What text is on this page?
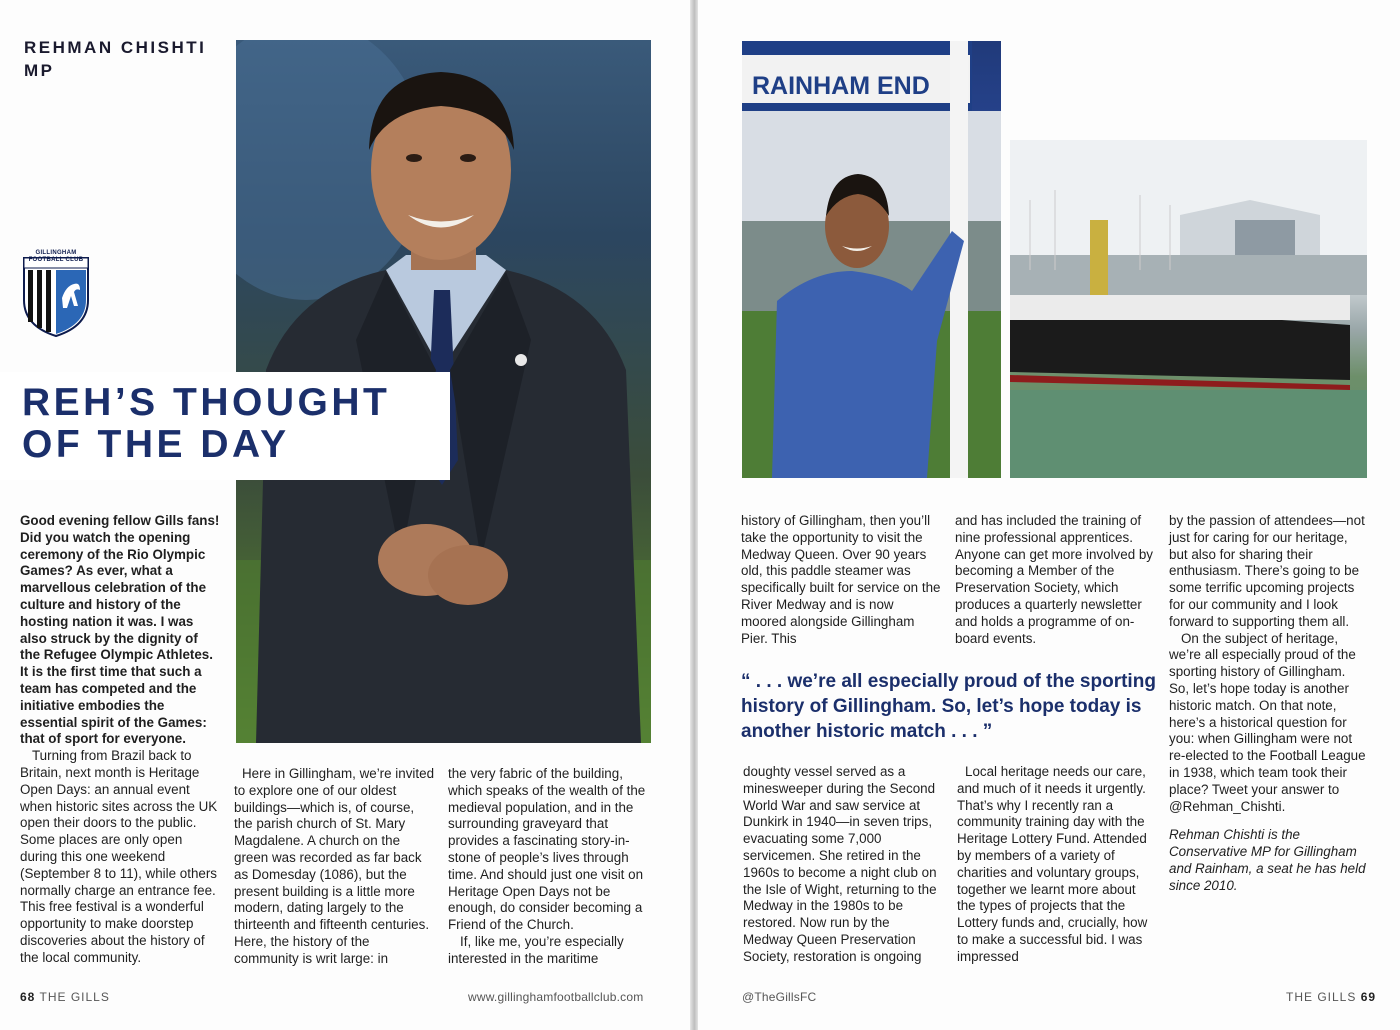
REHMAN CHISHTI MP
GILLINGHAM FOOTBALL CLUB
REH’S THOUGHT
OF THE DAY

Good evening fellow Gills fans! Did you watch the opening ceremony of the Rio Olympic Games? As ever, what a marvellous celebration of the culture and history of the hosting nation it was. I was also struck by the dignity of the Refugee Olympic Athletes. It is the first time that such a team has competed and the initiative embodies the essential spirit of the Games: that of sport for everyone.

Turning from Brazil back to Britain, next month is Heritage Open Days: an annual event when historic sites across the UK open their doors to the public. Some places are only open during this one weekend (September 8 to 11), while others normally charge an entrance fee. This free festival is a wonderful opportunity to make doorstep discoveries about the history of the local community.

Here in Gillingham, we’re invited to explore one of our oldest buildings—which is, of course, the parish church of St. Mary Magdalene. A church on the green was recorded as far back as Domesday (1086), but the present building is a little more modern, dating largely to the thirteenth and fifteenth centuries. Here, the history of the community is writ large: in

the very fabric of the building, which speaks of the wealth of the medieval population, and in the surrounding graveyard that provides a fascinating story-in-stone of people’s lives through time. And should just one visit on Heritage Open Days not be enough, do consider becoming a Friend of the Church.

If, like me, you’re especially interested in the maritime

68 THE GILLS	www.gillinghamfootballclub.com
RAINHAM END

history of Gillingham, then you’ll take the opportunity to visit the Medway Queen. Over 90 years old, this paddle steamer was specifically built for service on the River Medway and is now moored alongside Gillingham Pier. This

and has included the training of nine professional apprentices. Anyone can get more involved by becoming a Member of the Preservation Society, which produces a quarterly newsletter and holds a programme of on-board events.

“ . . . we’re all especially proud of the sporting history of Gillingham. So, let’s hope today is another historic match . . . ”

doughty vessel served as a minesweeper during the Second World War and saw service at Dunkirk in 1940—in seven trips, evacuating some 7,000 servicemen. She retired in the 1960s to become a night club on the Isle of Wight, returning to the Medway in the 1980s to be restored. Now run by the Medway Queen Preservation Society, restoration is ongoing

Local heritage needs our care, and much of it needs it urgently. That’s why I recently ran a community training day with the Heritage Lottery Fund. Attended by members of a variety of charities and voluntary groups, together we learnt more about the types of projects that the Lottery funds and, crucially, how to make a successful bid. I was impressed

by the passion of attendees—not just for caring for our heritage, but also for sharing their enthusiasm. There’s going to be some terrific upcoming projects for our community and I look forward to supporting them all.

On the subject of heritage, we’re all especially proud of the sporting history of Gillingham. So, let’s hope today is another historic match. On that note, here’s a historical question for you: when Gillingham were not re-elected to the Football League in 1938, which team took their place? Tweet your answer to @Rehman_Chishti.

Rehman Chishti is the Conservative MP for Gillingham and Rainham, a seat he has held since 2010.

@TheGillsFC	THE GILLS 69
